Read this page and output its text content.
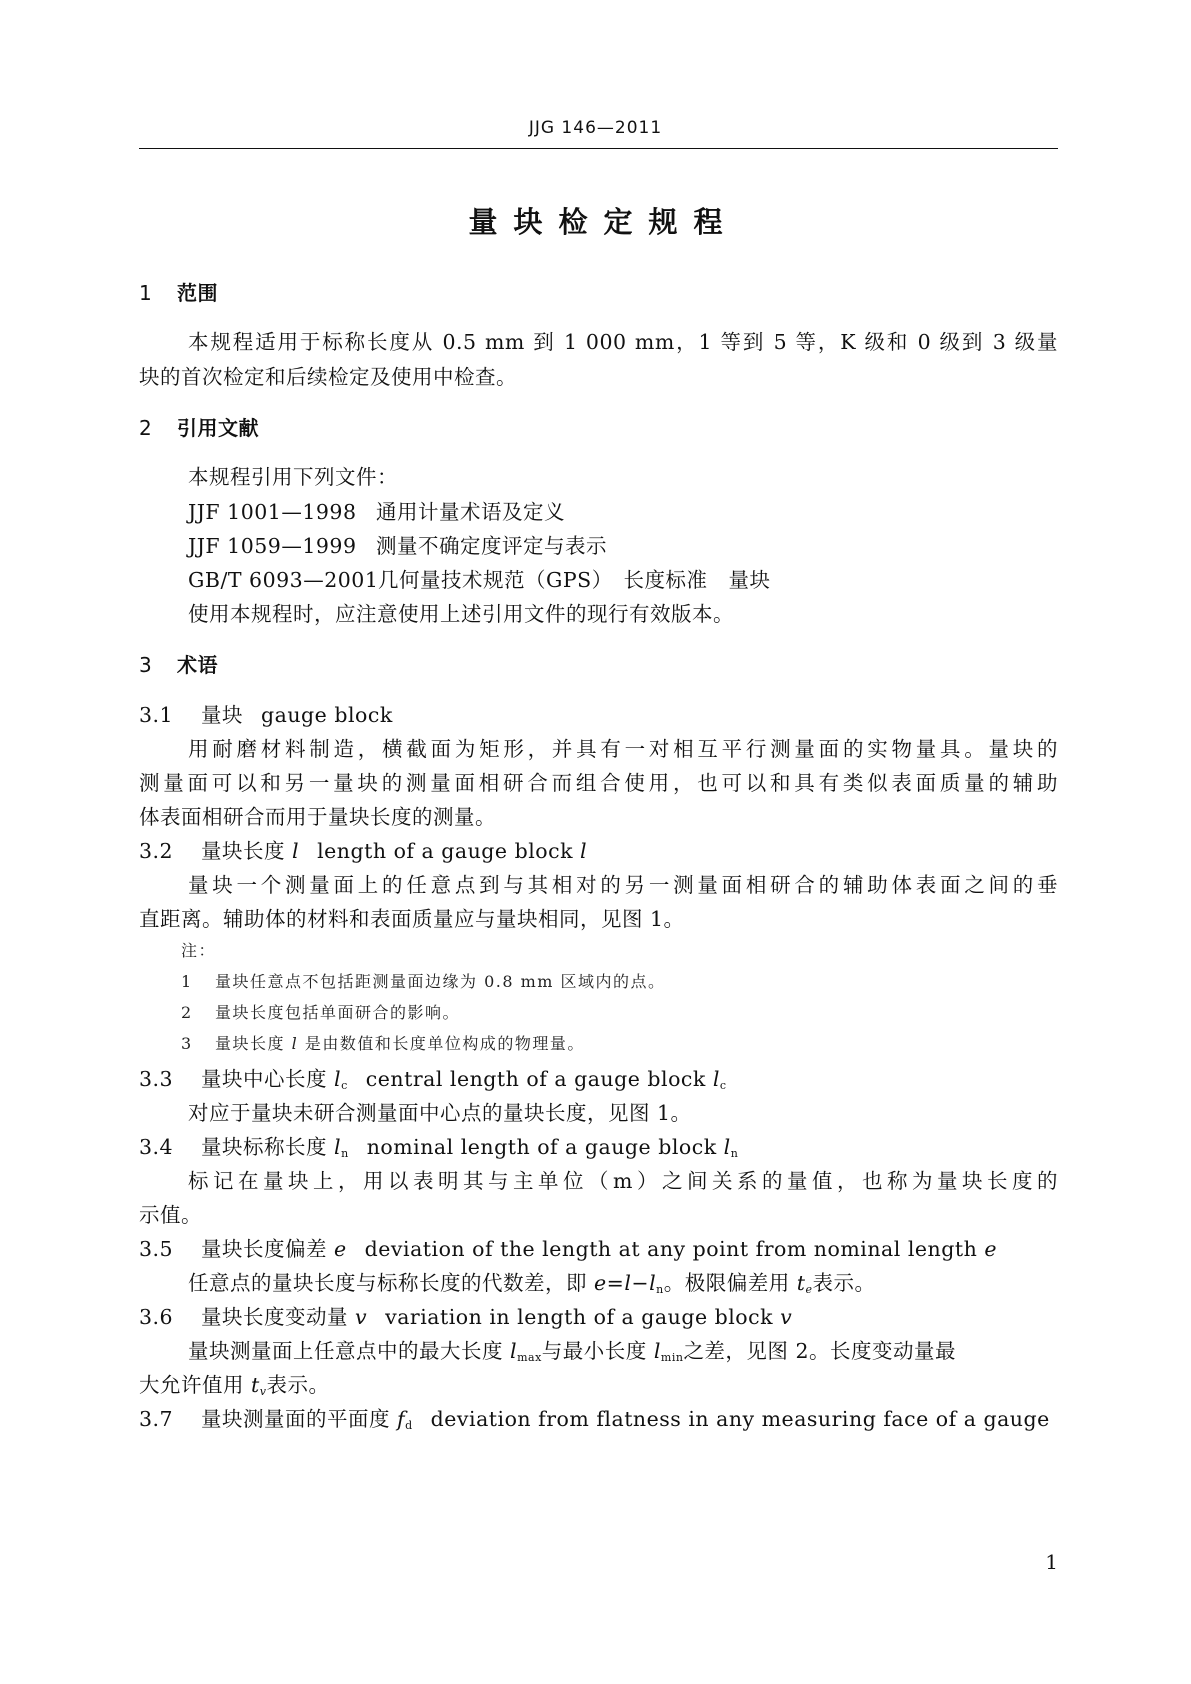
JJG 146—2011
量块检定规程
1 范围
本规程适用于标称长度从 0.5 mm 到 1 000 mm，1 等到 5 等，K 级和 0 级到 3 级量
块的首次检定和后续检定及使用中检查。
2 引用文献
本规程引用下列文件：
JJF 1001—1998 通用计量术语及定义
JJF 1059—1999 测量不确定度评定与表示
GB/T 6093—2001几何量技术规范（GPS）　长度标准　量块
使用本规程时，应注意使用上述引用文件的现行有效版本。
3 术语
3.1 量块 gauge block
用耐磨材料制造，横截面为矩形，并具有一对相互平行测量面的实物量具。量块的
测量面可以和另一量块的测量面相研合而组合使用，也可以和具有类似表面质量的辅助
体表面相研合而用于量块长度的测量。
3.2 量块长度 l length of a gauge block l
量块一个测量面上的任意点到与其相对的另一测量面相研合的辅助体表面之间的垂
直距离。辅助体的材料和表面质量应与量块相同，见图 1。
注：
1 量块任意点不包括距测量面边缘为 0.8 mm 区域内的点。
2 量块长度包括单面研合的影响。
3 量块长度 l 是由数值和长度单位构成的物理量。
3.3 量块中心长度 $l_c$ central length of a gauge block $l_c$
对应于量块未研合测量面中心点的量块长度，见图 1。
3.4 量块标称长度 $l_n$ nominal length of a gauge block $l_n$
标记在量块上，用以表明其与主单位（m）之间关系的量值，也称为量块长度的
示值。
3.5 量块长度偏差 e deviation of the length at any point from nominal length e
任意点的量块长度与标称长度的代数差，即 $e=l-l_n$。极限偏差用 $t_e$表示。
3.6 量块长度变动量 v variation in length of a gauge block v
量块测量面上任意点中的最大长度 $l_{max}$与最小长度 $l_{min}$之差，见图 2。长度变动量最
大允许值用 $t_v$表示。
3.7 量块测量面的平面度 $f_d$ deviation from flatness in any measuring face of a gauge
1
